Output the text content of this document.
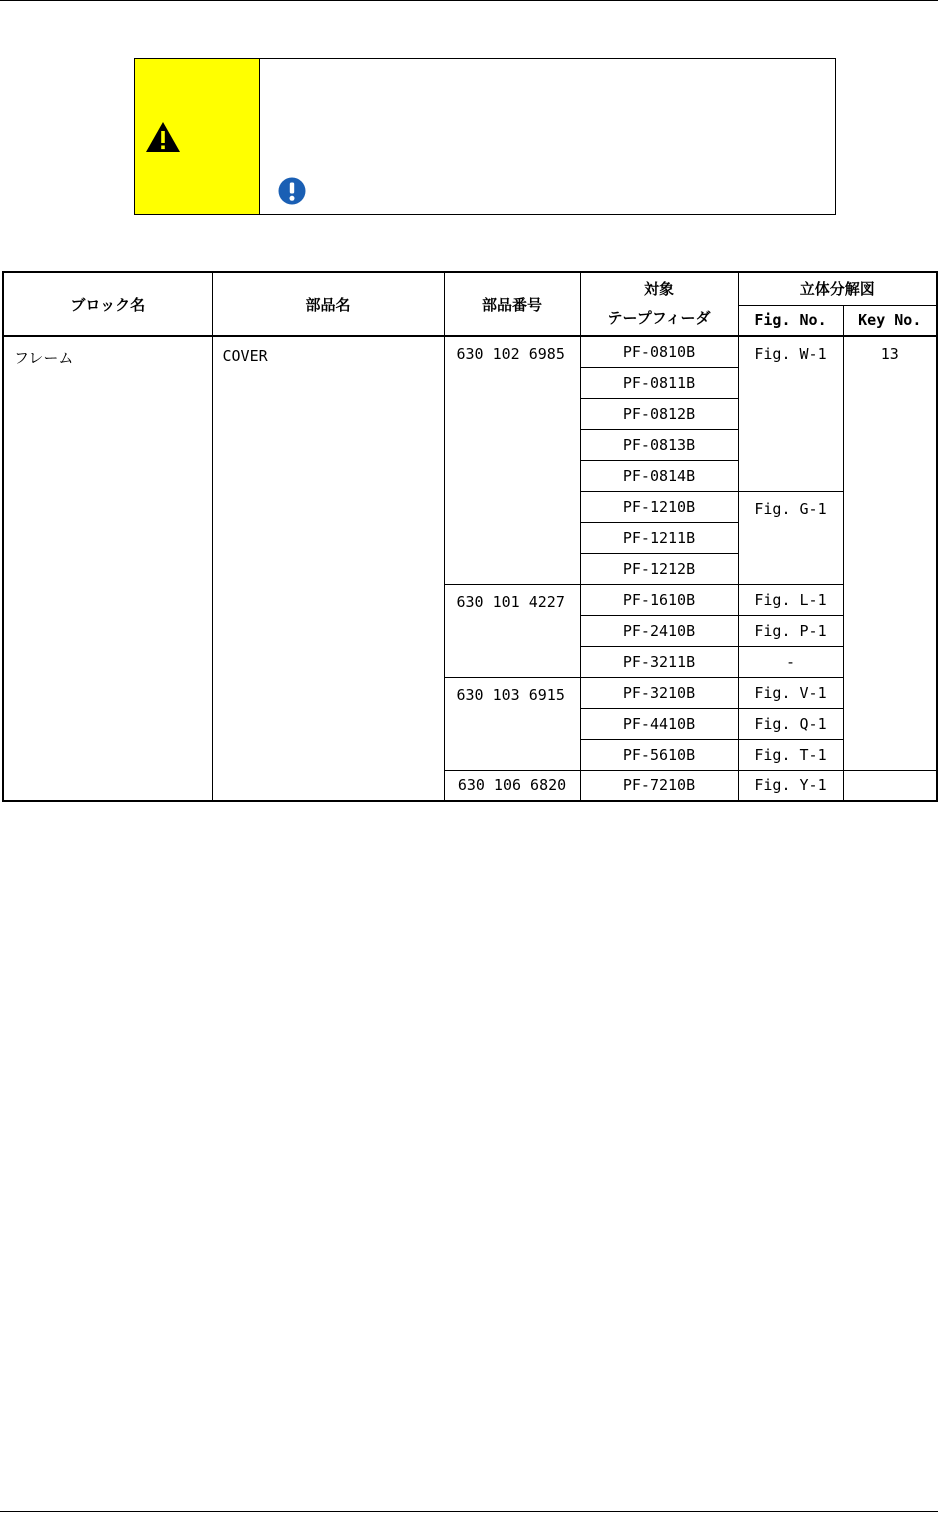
ブロック名	部品名	部品番号	対象
テープフィーダ	立体分解図	
				Fig. No.	Key No.
フレーム	COVER	630 102 6985	PF-0810B	Fig. W-1	13
			PF-0811B		
			PF-0812B		
			PF-0813B		
			PF-0814B		
			PF-1210B	Fig. G-1	
			PF-1211B		
			PF-1212B		
		630 101 4227	PF-1610B	Fig. L-1	
			PF-2410B	Fig. P-1	
			PF-3211B	-	
		630 103 6915	PF-3210B	Fig. V-1	
			PF-4410B	Fig. Q-1	
			PF-5610B	Fig. T-1	
		630 106 6820	PF-7210B	Fig. Y-1	
